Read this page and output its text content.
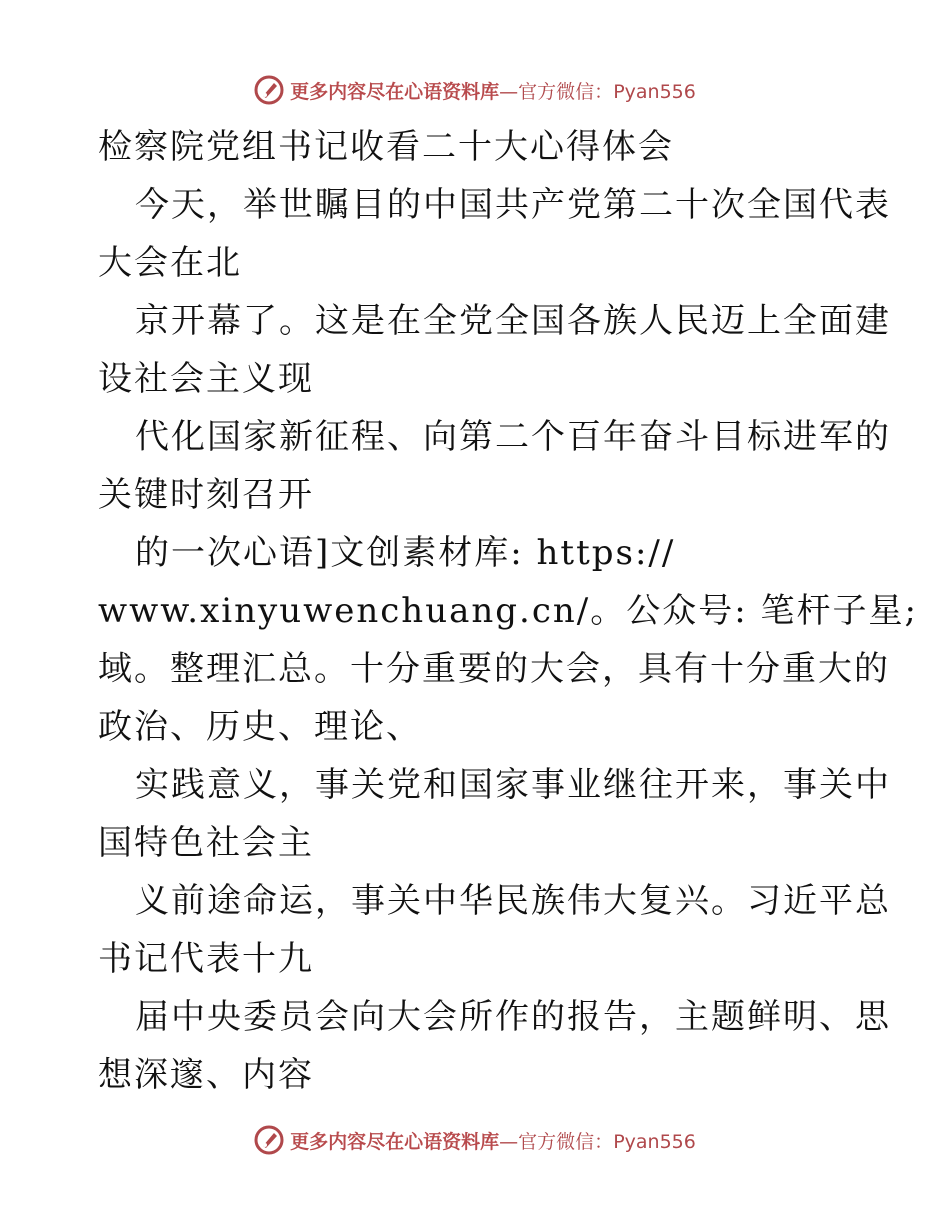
更多内容尽在心语资料库—官方微信：Pyan556

检察院党组书记收看二十大心得体会

今天，举世瞩目的中国共产党第二十次全国代表

大会在北

京开幕了。这是在全党全国各族人民迈上全面建

设社会主义现

代化国家新征程、向第二个百年奋斗目标进军的

关键时刻召开

的一次心语]文创素材库: https://

www.xinyuwenchuang.cn/。公众号: 笔杆子星;

域。整理汇总。十分重要的大会，具有十分重大的

政治、历史、理论、

实践意义，事关党和国家事业继往开来，事关中

国特色社会主

义前途命运，事关中华民族伟大复兴。习近平总

书记代表十九

届中央委员会向大会所作的报告，主题鲜明、思

想深邃、内容

更多内容尽在心语资料库—官方微信：Pyan556
